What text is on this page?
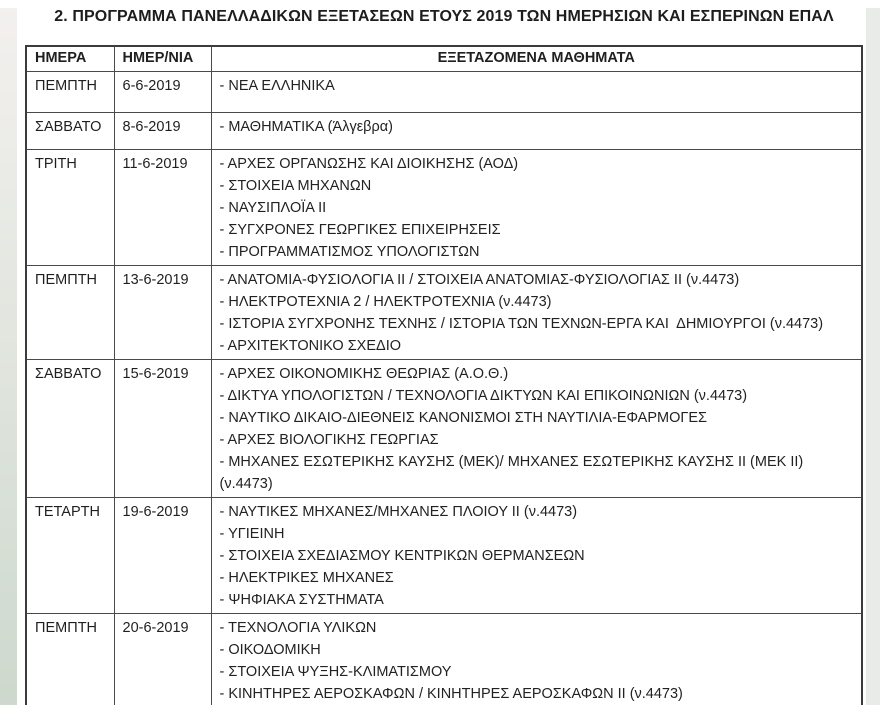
2. ΠΡΟΓΡΑΜΜΑ ΠΑΝΕΛΛΑΔΙΚΩΝ ΕΞΕΤΑΣΕΩΝ ΕΤΟΥΣ 2019 ΤΩΝ ΗΜΕΡΗΣΙΩΝ ΚΑΙ ΕΣΠΕΡΙΝΩΝ ΕΠΑΛ
ΗΜΕΡΑ	ΗΜΕΡ/ΝΙΑ	ΕΞΕΤΑΖΟΜΕΝΑ ΜΑΘΗΜΑΤΑ
ΠΕΜΠΤΗ	6-6-2019	- ΝΕΑ ΕΛΛΗΝΙΚΑ

ΣΑΒΒΑΤΟ	8-6-2019	- ΜΑΘΗΜΑΤΙΚΑ (Άλγεβρα)

ΤΡΙΤΗ	11-6-2019	- ΑΡΧΕΣ ΟΡΓΑΝΩΣΗΣ ΚΑΙ ΔΙΟΙΚΗΣΗΣ (ΑΟΔ)
- ΣΤΟΙΧΕΙΑ ΜΗΧΑΝΩΝ
- ΝΑΥΣΙΠΛΟΪΑ ΙΙ
- ΣΥΓΧΡΟΝΕΣ ΓΕΩΡΓΙΚΕΣ ΕΠΙΧΕΙΡΗΣΕΙΣ
- ΠΡΟΓΡΑΜΜΑΤΙΣΜΟΣ ΥΠΟΛΟΓΙΣΤΩΝ

ΠΕΜΠΤΗ	13-6-2019	- ΑΝΑΤΟΜΙΑ-ΦΥΣΙΟΛΟΓΙΑ ΙΙ / ΣΤΟΙΧΕΙΑ ΑΝΑΤΟΜΙΑΣ-ΦΥΣΙΟΛΟΓΙΑΣ ΙΙ (ν.4473)
- ΗΛΕΚΤΡΟΤΕΧΝΙΑ 2 / ΗΛΕΚΤΡΟΤΕΧΝΙΑ (ν.4473)
- ΙΣΤΟΡΙΑ ΣΥΓΧΡΟΝΗΣ ΤΕΧΝΗΣ / ΙΣΤΟΡΙΑ ΤΩΝ ΤΕΧΝΩΝ-ΕΡΓΑ ΚΑΙ  ΔΗΜΙΟΥΡΓΟΙ (ν.4473)
- ΑΡΧΙΤΕΚΤΟΝΙΚΟ ΣΧΕΔΙΟ

ΣΑΒΒΑΤΟ	15-6-2019	- ΑΡΧΕΣ ΟΙΚΟΝΟΜΙΚΗΣ ΘΕΩΡΙΑΣ (Α.Ο.Θ.)
- ΔΙΚΤΥΑ ΥΠΟΛΟΓΙΣΤΩΝ / ΤΕΧΝΟΛΟΓΙΑ ΔΙΚΤΥΩΝ ΚΑΙ ΕΠΙΚΟΙΝΩΝΙΩΝ (ν.4473)
- ΝΑΥΤΙΚΟ ΔΙΚΑΙΟ-ΔΙΕΘΝΕΙΣ ΚΑΝΟΝΙΣΜΟΙ ΣΤΗ ΝΑΥΤΙΛΙΑ-ΕΦΑΡΜΟΓΕΣ
- ΑΡΧΕΣ ΒΙΟΛΟΓΙΚΗΣ ΓΕΩΡΓΙΑΣ
- ΜΗΧΑΝΕΣ ΕΣΩΤΕΡΙΚΗΣ ΚΑΥΣΗΣ (ΜΕΚ)/ ΜΗΧΑΝΕΣ ΕΣΩΤΕΡΙΚΗΣ ΚΑΥΣΗΣ ΙΙ (ΜΕΚ ΙΙ)
(ν.4473)

ΤΕΤΑΡΤΗ	19-6-2019	- ΝΑΥΤΙΚΕΣ ΜΗΧΑΝΕΣ/ΜΗΧΑΝΕΣ ΠΛΟΙΟΥ ΙΙ (ν.4473)
- ΥΓΙΕΙΝΗ
- ΣΤΟΙΧΕΙΑ ΣΧΕΔΙΑΣΜΟΥ ΚΕΝΤΡΙΚΩΝ ΘΕΡΜΑΝΣΕΩΝ
- ΗΛΕΚΤΡΙΚΕΣ ΜΗΧΑΝΕΣ
- ΨΗΦΙΑΚΑ ΣΥΣΤΗΜΑΤΑ

ΠΕΜΠΤΗ	20-6-2019	- ΤΕΧΝΟΛΟΓΙΑ ΥΛΙΚΩΝ
- ΟΙΚΟΔΟΜΙΚΗ
- ΣΤΟΙΧΕΙΑ ΨΥΞΗΣ-ΚΛΙΜΑΤΙΣΜΟΥ
- ΚΙΝΗΤΗΡΕΣ ΑΕΡΟΣΚΑΦΩΝ / ΚΙΝΗΤΗΡΕΣ ΑΕΡΟΣΚΑΦΩΝ ΙΙ (ν.4473)
